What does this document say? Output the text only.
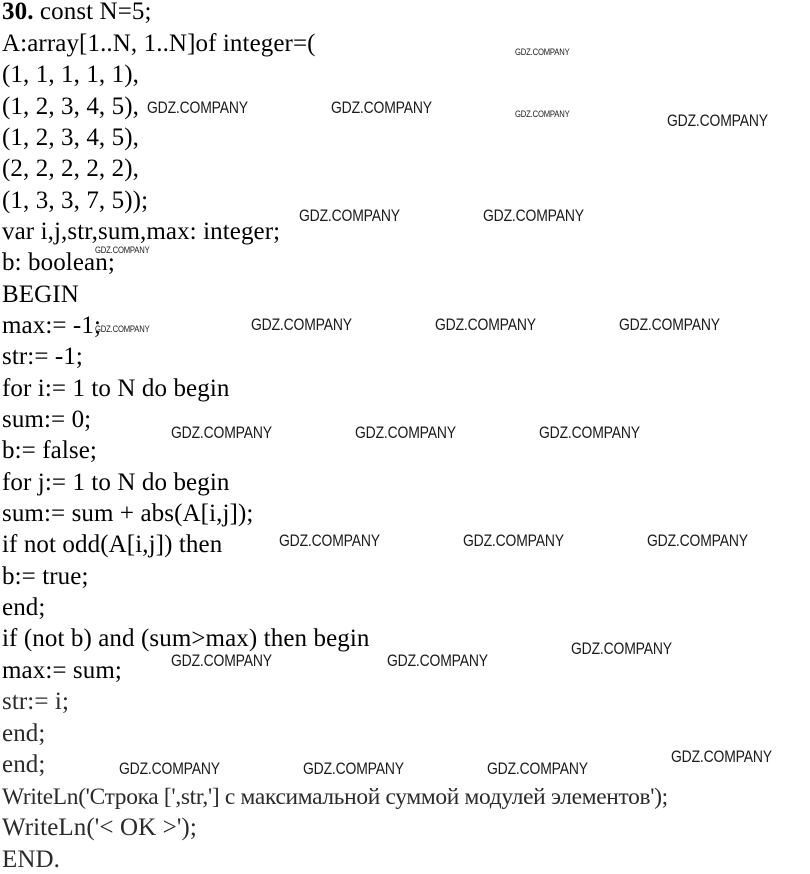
30. const N=5;
A:array[1..N, 1..N]of integer=(
(1, 1, 1, 1, 1),
(1, 2, 3, 4, 5),
(1, 2, 3, 4, 5),
(2, 2, 2, 2, 2),
(1, 3, 3, 7, 5));
var i,j,str,sum,max: integer;
b: boolean;
BEGIN
max:= -1;
str:= -1;
for i:= 1 to N do begin
sum:= 0;
b:= false;
for j:= 1 to N do begin
sum:= sum + abs(A[i,j]);
if not odd(A[i,j]) then
b:= true;
end;
if (not b) and (sum>max) then begin
max:= sum;
str:= i;
end;
end;
WriteLn('Строка [',str,'] с максимальной суммой модулей элементов');
WriteLn('< OK >');
END.
GDZ.COMPANY
GDZ.COMPANY	GDZ.COMPANY	GDZ.COMPANY	GDZ.COMPANY
GDZ.COMPANY	GDZ.COMPANY
GDZ.COMPANY
GDZ.COMPANY	GDZ.COMPANY	GDZ.COMPANY	GDZ.COMPANY
GDZ.COMPANY	GDZ.COMPANY	GDZ.COMPANY
GDZ.COMPANY	GDZ.COMPANY	GDZ.COMPANY
GDZ.COMPANY
GDZ.COMPANY	GDZ.COMPANY
GDZ.COMPANY
GDZ.COMPANY	GDZ.COMPANY	GDZ.COMPANY
